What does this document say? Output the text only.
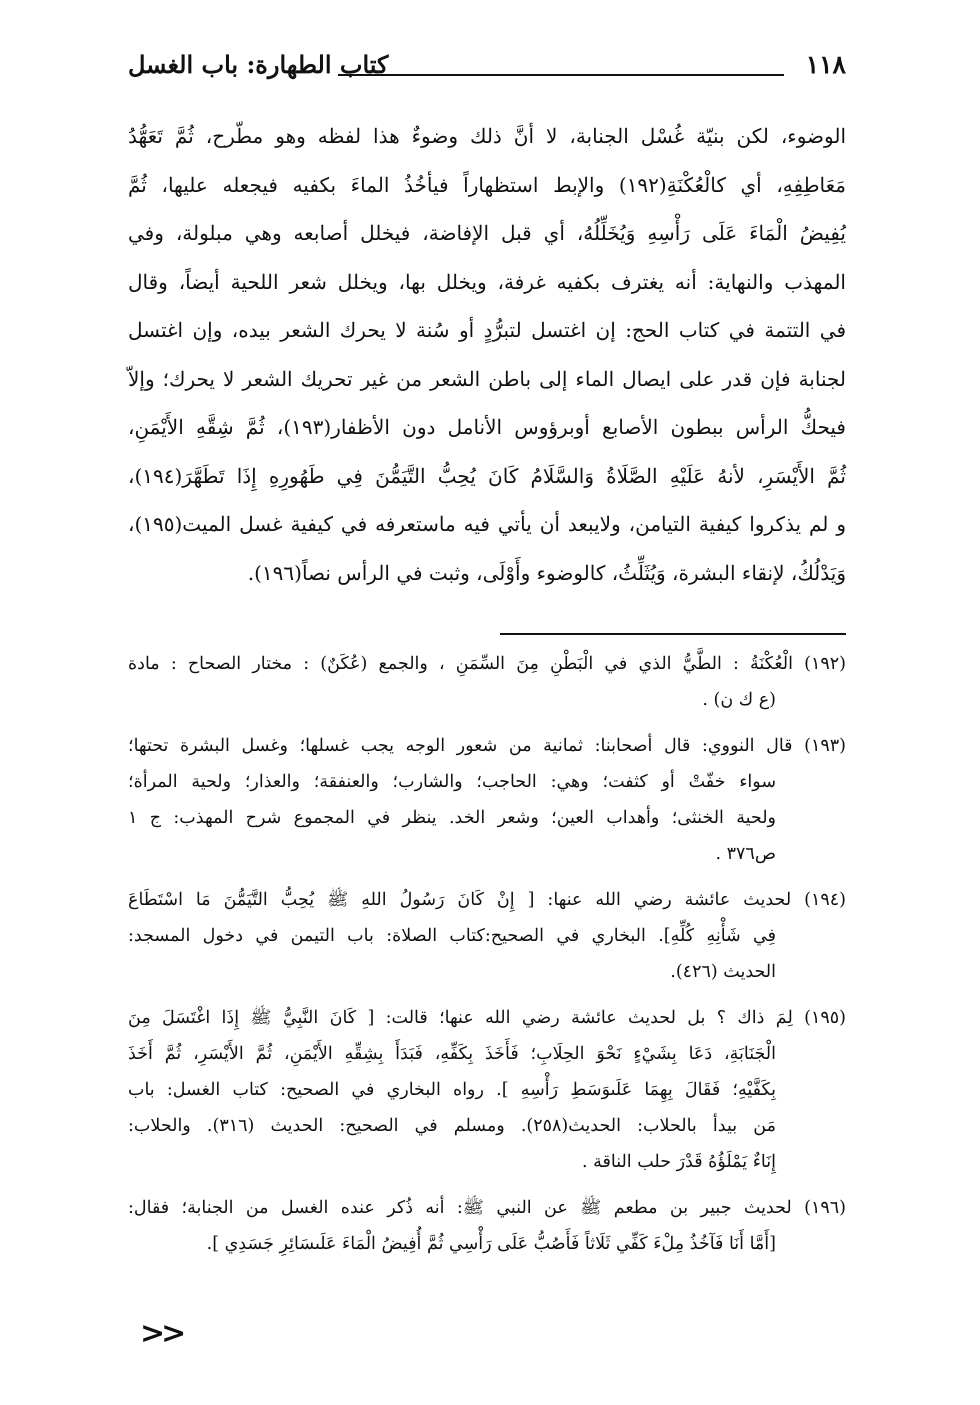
١١٨
كتاب الطهارة: باب الغسل
الوضوء، لكن بنيّة غُسْل الجنابة، لا أنَّ ذلك وضوءٌ هذا لفظه وهو مطّرح، ثُمَّ تَعَهُّدُ
مَعَاطِفِهِ، أي كالْعُكْنَةِ(١٩٢) والإبط استظهاراً فيأخُذُ الماءَ بكفيه فيجعله عليها، ثُمَّ
يُفِيضُ الْمَاءَ عَلَى رَأْسِهِ وَيُخَلِّلُهُ، أي قبل الإفاضة، فيخلل أصابعه وهي مبلولة، وفي
المهذب والنهاية: أنه يغترف بكفيه غرفة، ويخلل بها، ويخلل شعر اللحية أيضاً، وقال
في التتمة في كتاب الحج: إن اغتسل لتبرُّدٍ أو سُنة لا يحرك الشعر بيده، وإن اغتسل
لجنابة فإن قدر على ايصال الماء إلى باطن الشعر من غير تحريك الشعر لا يحرك؛ وإلاّ
فيحكُّ الرأس ببطون الأصابع أوبرؤوس الأنامل دون الأظفار(١٩٣)، ثُمَّ شِقَّهِ الأَيْمَنِ،
ثُمَّ الأَيْسَرِ، لأنهُ عَلَيْهِ الصَّلَاةُ وَالسَّلَامُ كَانَ يُحِبُّ التَّيَمُّنَ فِي طَهُورِهِ إِذَا تَطَهَّرَ(١٩٤)،
و لم يذكروا كيفية التيامن، ولايبعد أن يأتي فيه ماستعرفه في كيفية غسل الميت(١٩٥)،
وَيَدْلُكُ، لإنقاء البشرة، وَيُثَلِّثُ، كالوضوء وأَوْلَى، وثبت في الرأس نصاً(١٩٦).
(١٩٢) الْعُكْنَةُ : الطَّيُّ الذي في الْبَطْنِ مِنَ السِّمَنِ ، والجمع (عُكَنٌ) : مختار الصحاح : مادة
(ع ك ن) .
(١٩٣) قال النووي: قال أصحابنا: ثمانية من شعور الوجه يجب غسلها؛ وغسل البشرة تحتها؛
سواء خفّتْ أو كثفت؛ وهي: الحاجب؛ والشارب؛ والعنفقة؛ والعذار؛ ولحية المرأة؛
ولحية الخنثى؛ وأهداب العين؛ وشعر الخد. ينظر في المجموع شرح المهذب: ج ١
ص٣٧٦ .
(١٩٤) لحديث عائشة رضي الله عنها: [ إِنْ كَانَ رَسُولُ اللهِ ﷺ يُحِبُّ التَّيَمُّنَ مَا اسْتَطَاعَ
فِي شَأْنِهِ كُلِّهِ]. البخاري في الصحيح:كتاب الصلاة: باب التيمن في دخول المسجد:
الحديث (٤٢٦).
(١٩٥) لِمَ ذاك ؟ بل لحديث عائشة رضي الله عنها؛ قالت: [ كَانَ النَّبِيُّ ﷺ إِذَا اغْتَسَلَ مِنَ
الْجَنَابَةِ، دَعَا بِشَيْءٍ نَحْوَ الحِلَابِ؛ فَأَخَذَ بِكَفِّهِ، فَبَدَأَ بِشِقِّهِ الأَيْمَنِ، ثُمَّ الأَيْسَرِ، ثُمَّ أَخَذَ
بِكَفَّيْهِ؛ فَقَالَ بِهِمَا عَلَىوَسَطِ رَأْسِهِ ]. رواه البخاري في الصحيح: كتاب الغسل: باب
مَن بيدأ بالحلاب: الحديث(٢٥٨). ومسلم في الصحيح: الحديث (٣١٦). والحلاب:
إِنَاءٌ يَمْلَؤُهُ قَدْرَ حلب الناقة .
(١٩٦) لحديث جبير بن مطعم ﷺ عن النبي ﷺ: أنه ذُكر عنده الغسل من الجنابة؛ فقال:
[أَمَّا أَنَا فَآخُذُ مِلْءَ كَفِّي ثَلَاثاً فَأَصُبُّ عَلَى رَأْسِي ثُمَّ أُفِيضُ الْمَاءَ عَلَىسَائِرِ جَسَدِي ].
<<
